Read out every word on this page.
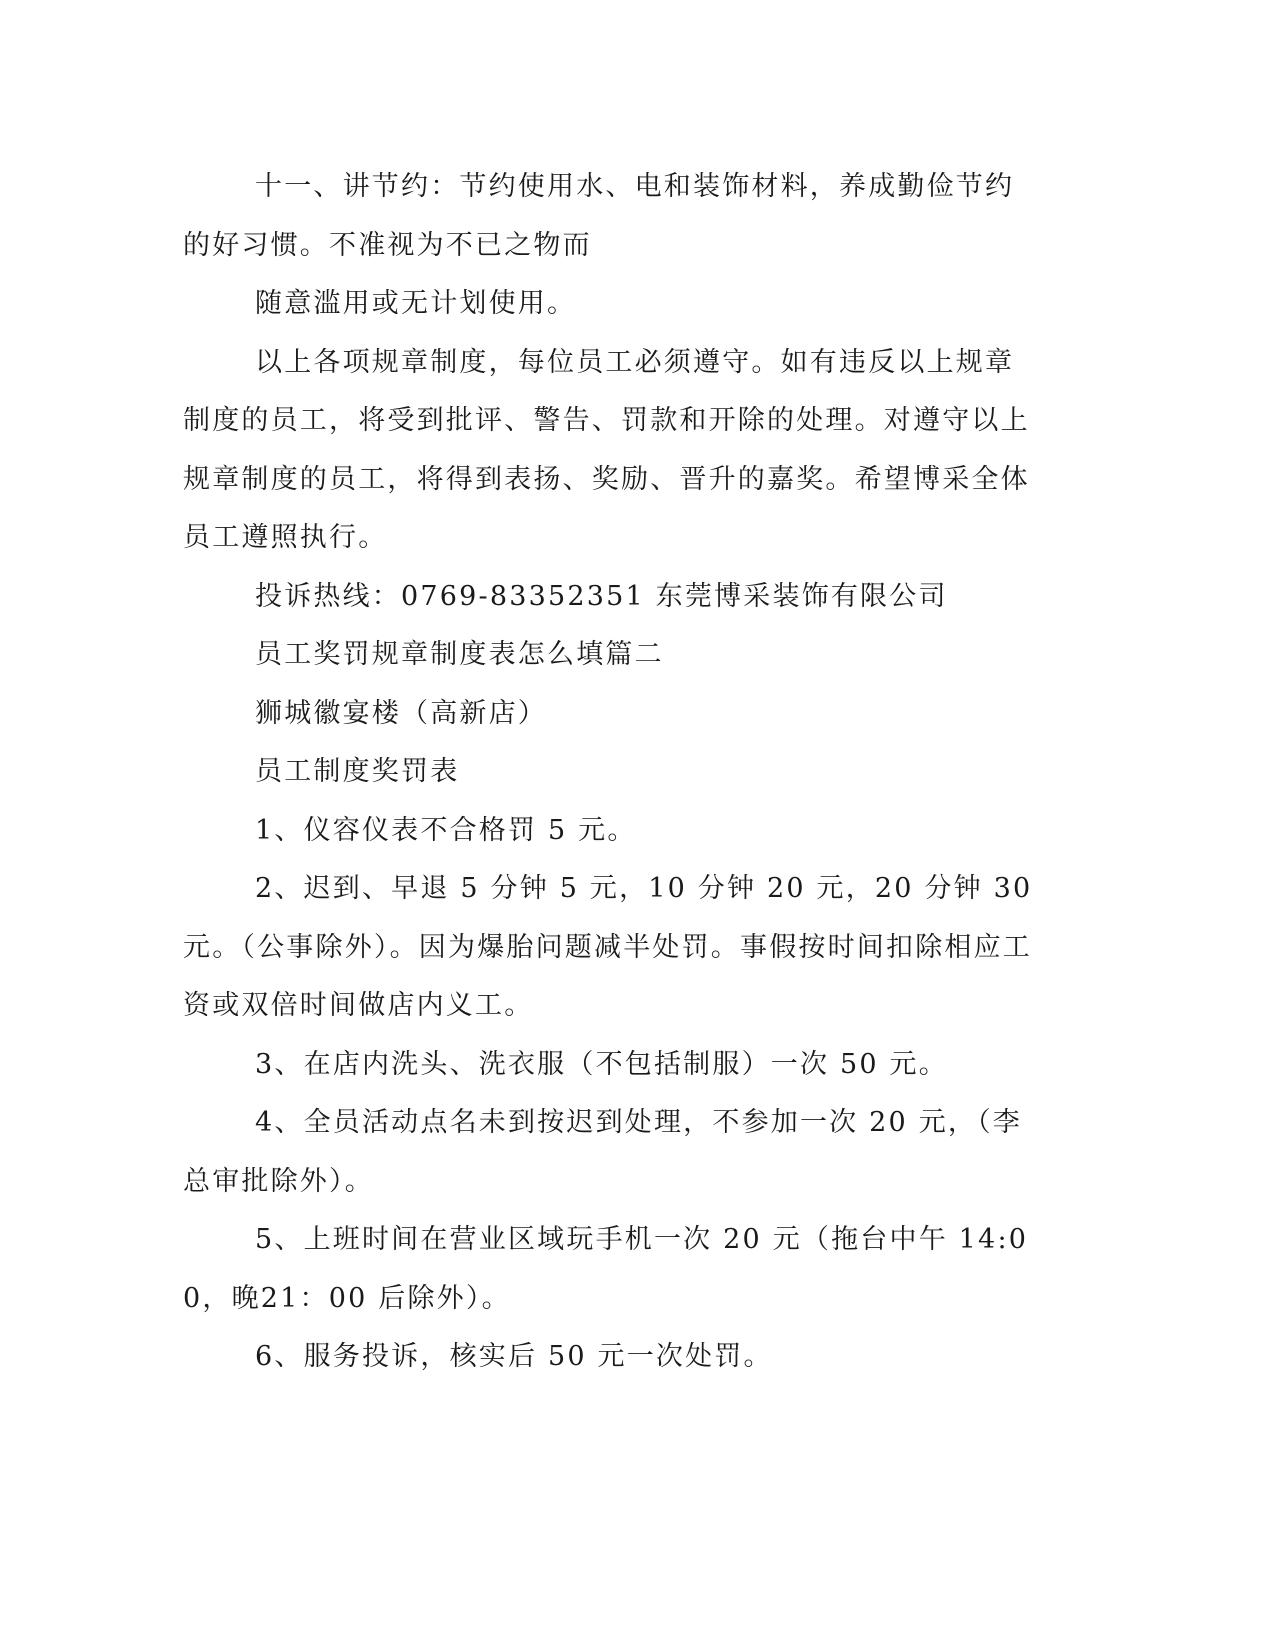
十一、讲节约：节约使用水、电和装饰材料，养成勤俭节约的好习惯。不准视为不已之物而

随意滥用或无计划使用。

以上各项规章制度，每位员工必须遵守。如有违反以上规章制度的员工，将受到批评、警告、罚款和开除的处理。对遵守以上规章制度的员工，将得到表扬、奖励、晋升的嘉奖。希望博采全体员工遵照执行。

投诉热线：0769-83352351 东莞博采装饰有限公司

员工奖罚规章制度表怎么填篇二

狮城徽宴楼（高新店）

员工制度奖罚表

1、仪容仪表不合格罚 5 元。

2、迟到、早退 5 分钟 5 元，10 分钟 20 元，20 分钟 30 元。（公事除外）。因为爆胎问题减半处罚。事假按时间扣除相应工资或双倍时间做店内义工。

3、在店内洗头、洗衣服（不包括制服）一次 50 元。

4、全员活动点名未到按迟到处理，不参加一次 20 元，（李总审批除外）。

5、上班时间在营业区域玩手机一次 20 元（拖台中午 14:00，晚21：00 后除外）。

6、服务投诉，核实后 50 元一次处罚。
